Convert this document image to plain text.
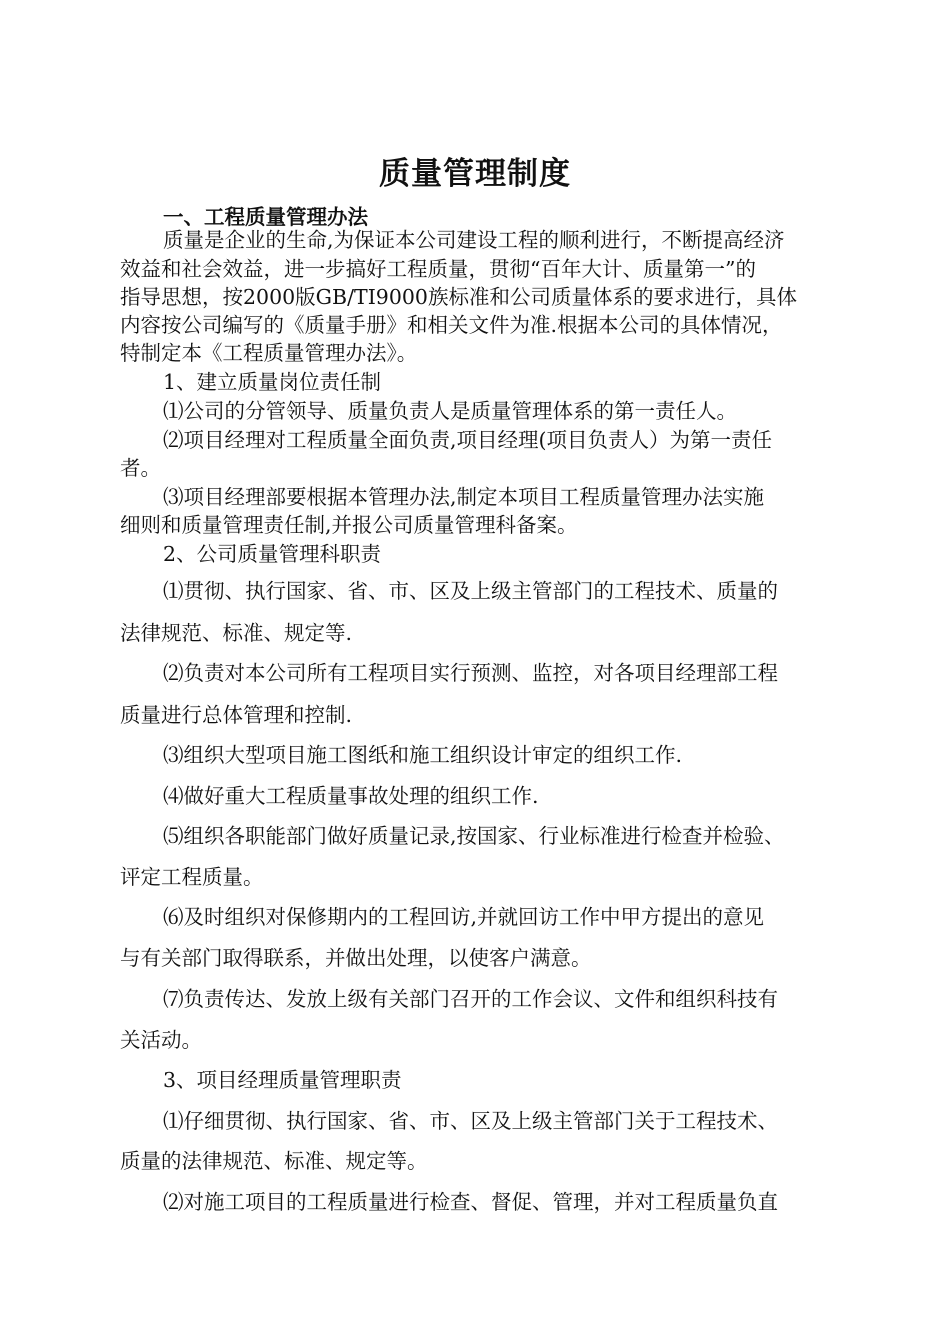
质量管理制度
一、工程质量管理办法

质量是企业的生命,为保证本公司建设工程的顺利进行，不断提高经济

效益和社会效益，进一步搞好工程质量，贯彻“百年大计、质量第一”的

指导思想，按2000版GB/TI9000族标准和公司质量体系的要求进行，具体

内容按公司编写的《质量手册》和相关文件为准.根据本公司的具体情况，

特制定本《工程质量管理办法》。

1、建立质量岗位责任制

⑴公司的分管领导、质量负责人是质量管理体系的第一责任人。

⑵项目经理对工程质量全面负责,项目经理(项目负责人）为第一责任

者。

⑶项目经理部要根据本管理办法,制定本项目工程质量管理办法实施

细则和质量管理责任制,并报公司质量管理科备案。

2、公司质量管理科职责

⑴贯彻、执行国家、省、市、区及上级主管部门的工程技术、质量的

法律规范、标准、规定等.

⑵负责对本公司所有工程项目实行预测、监控，对各项目经理部工程

质量进行总体管理和控制.

⑶组织大型项目施工图纸和施工组织设计审定的组织工作.

⑷做好重大工程质量事故处理的组织工作.

⑸组织各职能部门做好质量记录,按国家、行业标准进行检查并检验、

评定工程质量。

⑹及时组织对保修期内的工程回访,并就回访工作中甲方提出的意见

与有关部门取得联系，并做出处理，以使客户满意。

⑺负责传达、发放上级有关部门召开的工作会议、文件和组织科技有

关活动。

3、项目经理质量管理职责

⑴仔细贯彻、执行国家、省、市、区及上级主管部门关于工程技术、

质量的法律规范、标准、规定等。

⑵对施工项目的工程质量进行检查、督促、管理，并对工程质量负直
